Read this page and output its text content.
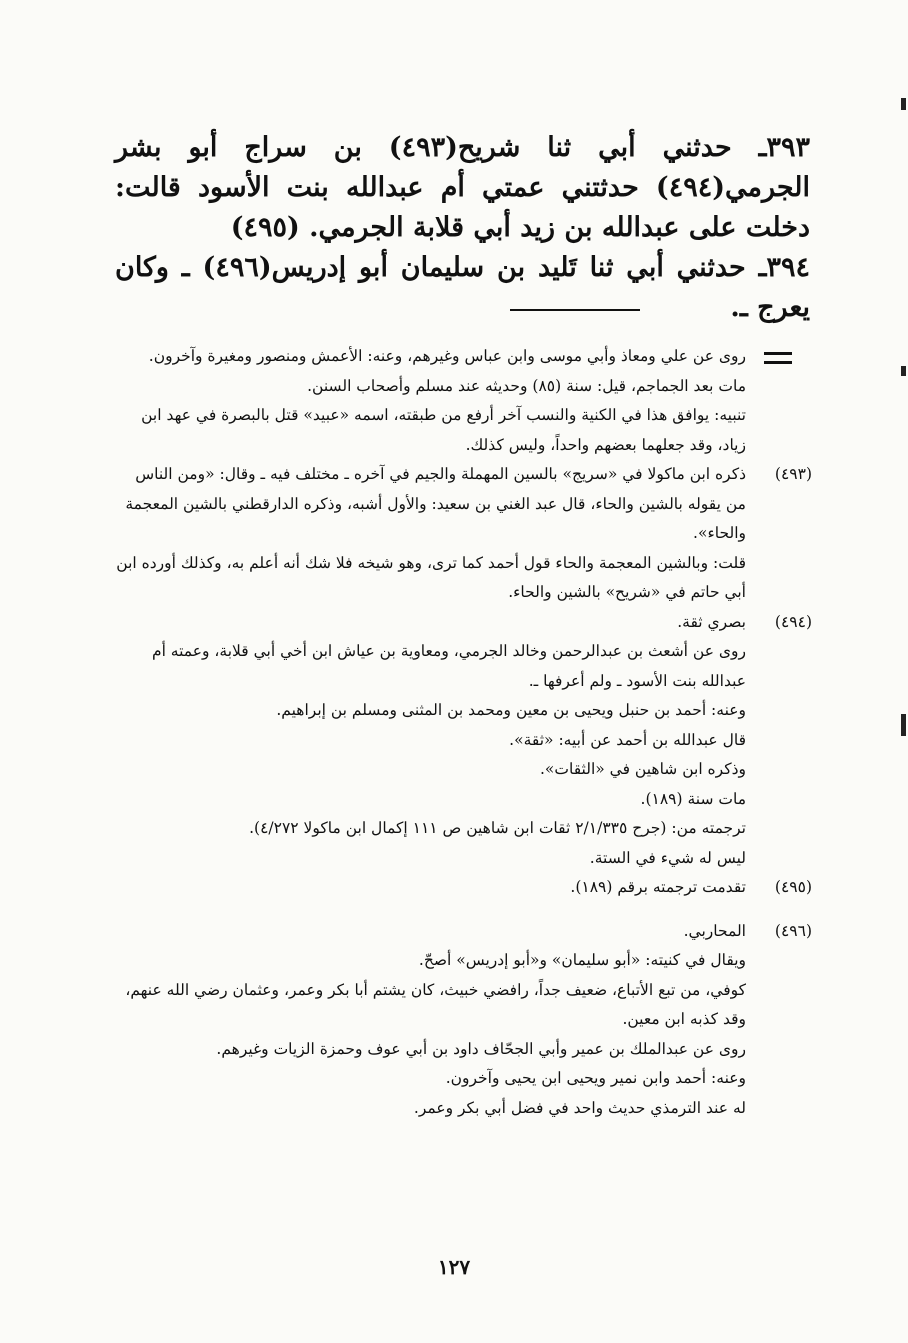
٣٩٣ـ حدثني أبي ثنا شريح(٤٩٣) بن سراج أبو بشر الجرمي(٤٩٤) حدثتني عمتي أم عبدالله بنت الأسود قالت: دخلت على عبدالله بن زيد أبي قلابة الجرمي. (٤٩٥)

٣٩٤ـ حدثني أبي ثنا تَليد بن سليمان أبو إدريس(٤٩٦) ـ وكان يعرج ـ.

روى عن علي ومعاذ وأبي موسى وابن عباس وغيرهم، وعنه: الأعمش ومنصور ومغيرة وآخرون.

مات بعد الجماجم، قيل: سنة (٨٥) وحديثه عند مسلم وأصحاب السنن.

تنبيه: يوافق هذا في الكنية والنسب آخر أرفع من طبقته، اسمه «عبيد» قتل بالبصرة في عهد ابن زياد، وقد جعلهما بعضهم واحداً، وليس كذلك.

(٤٩٣)

ذكره ابن ماكولا في «سريج» بالسين المهملة والجيم في آخره ـ مختلف فيه ـ وقال: «ومن الناس من يقوله بالشين والحاء، قال عبد الغني بن سعيد: والأول أشبه، وذكره الدارقطني بالشين المعجمة والحاء».

قلت: وبالشين المعجمة والحاء قول أحمد كما ترى، وهو شيخه فلا شك أنه أعلم به، وكذلك أورده ابن أبي حاتم في «شريح» بالشين والحاء.

(٤٩٤)

بصري ثقة.

روى عن أشعث بن عبدالرحمن وخالد الجرمي، ومعاوية بن عياش ابن أخي أبي قلابة، وعمته أم عبدالله بنت الأسود ـ ولم أعرفها ـ.

وعنه: أحمد بن حنبل ويحيى بن معين ومحمد بن المثنى ومسلم بن إبراهيم.

قال عبدالله بن أحمد عن أبيه: «ثقة».

وذكره ابن شاهين في «الثقات».

مات سنة (١٨٩).

ترجمته من: (جرح ٢/١/٣٣٥ ثقات ابن شاهين ص ١١١ إكمال ابن ماكولا ٤/٢٧٢).

ليس له شيء في الستة.

(٤٩٥)

تقدمت ترجمته برقم (١٨٩).

(٤٩٦)

المحاربي.

ويقال في كنيته: «أبو سليمان» و«أبو إدريس» أصحّ.

كوفي، من تبع الأتباع، ضعيف جداً، رافضي خبيث، كان يشتم أبا بكر وعمر، وعثمان رضي الله عنهم، وقد كذبه ابن معين.

روى عن عبدالملك بن عمير وأبي الجحّاف داود بن أبي عوف وحمزة الزيات وغيرهم.

وعنه: أحمد وابن نمير ويحيى ابن يحيى وآخرون.

له عند الترمذي حديث واحد في فضل أبي بكر وعمر.

١٢٧
